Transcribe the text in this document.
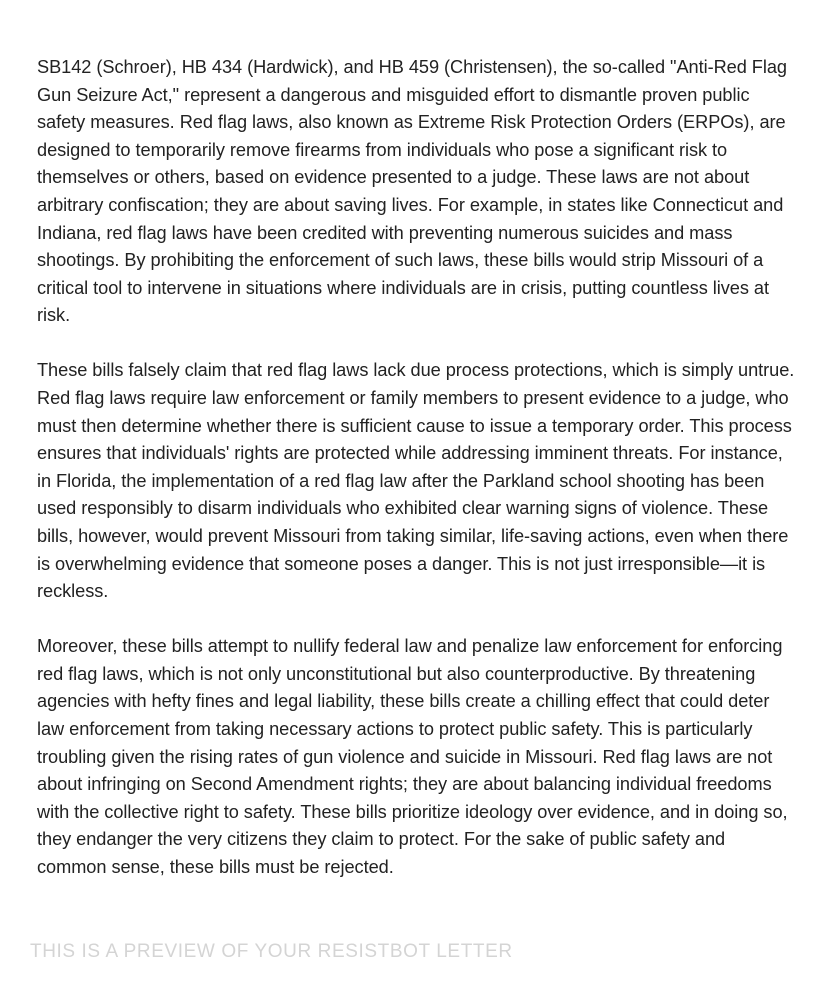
SB142 (Schroer), HB 434 (Hardwick), and HB 459 (Christensen), the so-called "Anti-Red Flag Gun Seizure Act," represent a dangerous and misguided effort to dismantle proven public safety measures. Red flag laws, also known as Extreme Risk Protection Orders (ERPOs), are designed to temporarily remove firearms from individuals who pose a significant risk to themselves or others, based on evidence presented to a judge. These laws are not about arbitrary confiscation; they are about saving lives. For example, in states like Connecticut and Indiana, red flag laws have been credited with preventing numerous suicides and mass shootings. By prohibiting the enforcement of such laws, these bills would strip Missouri of a critical tool to intervene in situations where individuals are in crisis, putting countless lives at risk.

These bills falsely claim that red flag laws lack due process protections, which is simply untrue. Red flag laws require law enforcement or family members to present evidence to a judge, who must then determine whether there is sufficient cause to issue a temporary order. This process ensures that individuals' rights are protected while addressing imminent threats. For instance, in Florida, the implementation of a red flag law after the Parkland school shooting has been used responsibly to disarm individuals who exhibited clear warning signs of violence. These bills, however, would prevent Missouri from taking similar, life-saving actions, even when there is overwhelming evidence that someone poses a danger. This is not just irresponsible—it is reckless.

Moreover, these bills attempt to nullify federal law and penalize law enforcement for enforcing red flag laws, which is not only unconstitutional but also counterproductive. By threatening agencies with hefty fines and legal liability, these bills create a chilling effect that could deter law enforcement from taking necessary actions to protect public safety. This is particularly troubling given the rising rates of gun violence and suicide in Missouri. Red flag laws are not about infringing on Second Amendment rights; they are about balancing individual freedoms with the collective right to safety. These bills prioritize ideology over evidence, and in doing so, they endanger the very citizens they claim to protect. For the sake of public safety and common sense, these bills must be rejected.

THIS IS A PREVIEW OF YOUR RESISTBOT LETTER
